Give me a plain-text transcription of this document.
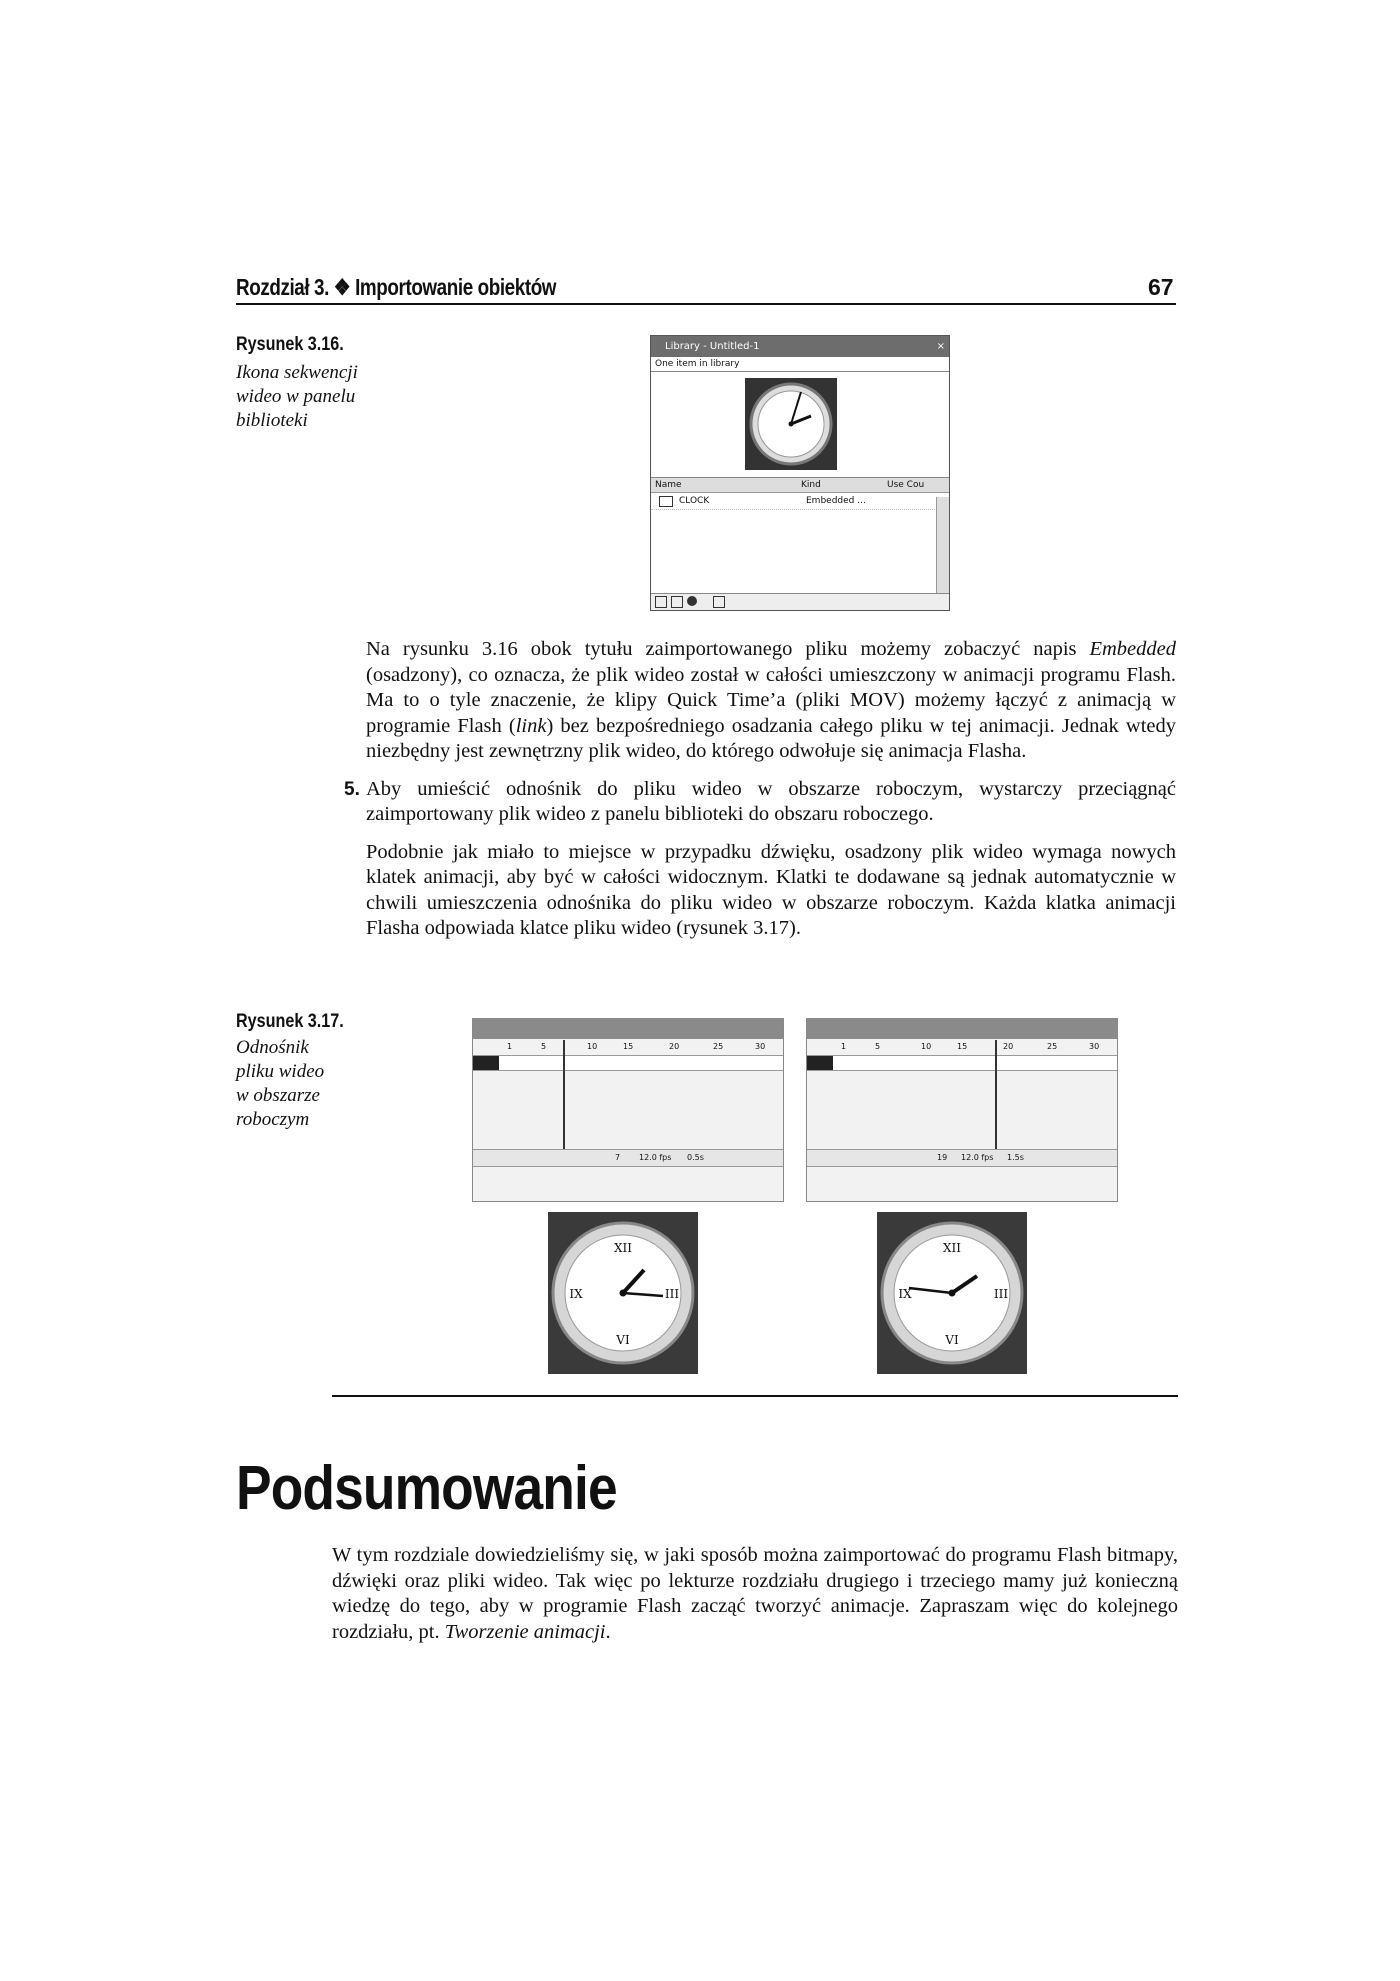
Rozdział 3. ❖ Importowanie obiektów	67
Rysunek 3.16.
Ikona sekwencji
wideo w panelu
biblioteki
Library - Untitled-1	×
One item in library
Name	Kind	Use Cou
CLOCK	Embedded ...

Na rysunku 3.16 obok tytułu zaimportowanego pliku możemy zobaczyć napis Embedded (osadzony), co oznacza, że plik wideo został w całości umieszczony w animacji programu Flash. Ma to o tyle znaczenie, że klipy Quick Time’a (pliki MOV) możemy łączyć z animacją w programie Flash (link) bez bezpośredniego osadzania całego pliku w tej animacji. Jednak wtedy niezbędny jest zewnętrzny plik wideo, do którego odwołuje się animacja Flasha.

5. Aby umieścić odnośnik do pliku wideo w obszarze roboczym, wystarczy przeciągnąć zaimportowany plik wideo z panelu biblioteki do obszaru roboczego.

Podobnie jak miało to miejsce w przypadku dźwięku, osadzony plik wideo wymaga nowych klatek animacji, aby być w całości widocznym. Klatki te dodawane są jednak automatycznie w chwili umieszczenia odnośnika do pliku wideo w obszarze roboczym. Każda klatka animacji Flasha odpowiada klatce pliku wideo (rysunek 3.17).

Rysunek 3.17.
Odnośnik
pliku wideo
w obszarze
roboczym
1	5	10	15	20	25	30
7 12.0 fps 0.5s
1	5	10	15	20	25	30
19 12.0 fps 1.5s
XII
III
VI
IX
XII
III
VI
IX
Podsumowanie

W tym rozdziale dowiedzieliśmy się, w jaki sposób można zaimportować do programu Flash bitmapy, dźwięki oraz pliki wideo. Tak więc po lekturze rozdziału drugiego i trzeciego mamy już konieczną wiedzę do tego, aby w programie Flash zacząć tworzyć animacje. Zapraszam więc do kolejnego rozdziału, pt. Tworzenie animacji.
